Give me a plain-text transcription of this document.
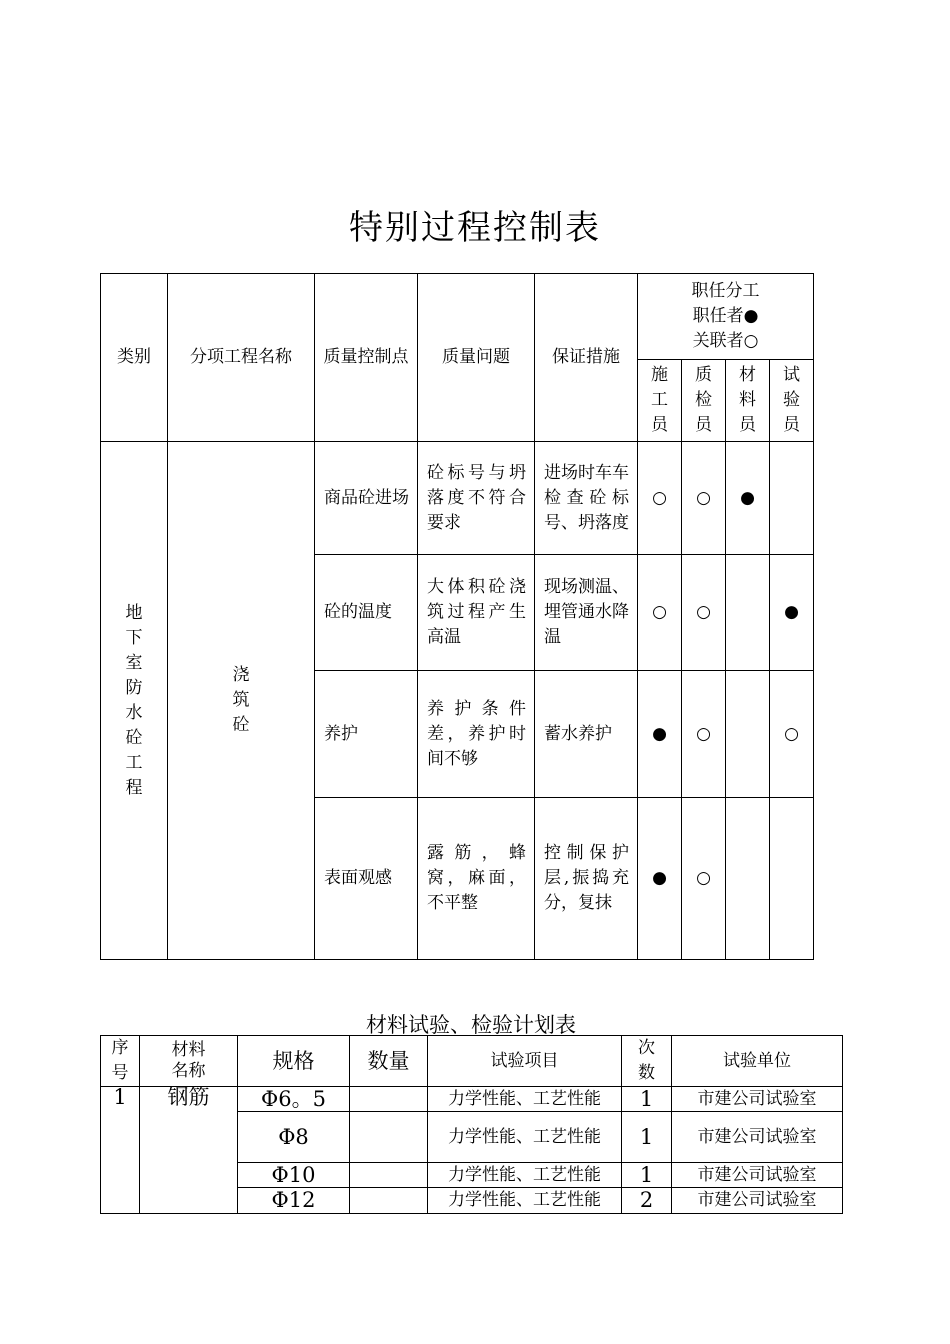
特别过程控制表
类别	分项工程名称	质量控制点	质量问题	保证措施	职任分工
职任者●
关联者○			

					施工员	质检员	材料员	试验员
地下室防水砼工程	浇筑砼	商品砼进场	砼标号与坍落度不符合要求	进场时车车检查砼标号、坍落度	○	○	●	
		砼的温度	大体积砼浇筑过程产生高温	现场测温、埋管通水降温	○	○		●
		养护	养护条件差，养护时间不够	蓄水养护	●	○		○
		表面观感	露筋，蜂窝，麻面，不平整	控制保护层,振捣充分，复抹	●	○		
材料试验、检验计划表
序号	材料名称	规格	数量	试验项目	次数	试验单位
1	钢筋	Φ6。5		力学性能、工艺性能	1	市建公司试验室
		Φ8		力学性能、工艺性能	1	市建公司试验室
		Φ10		力学性能、工艺性能	1	市建公司试验室
		Φ12		力学性能、工艺性能	2	市建公司试验室
